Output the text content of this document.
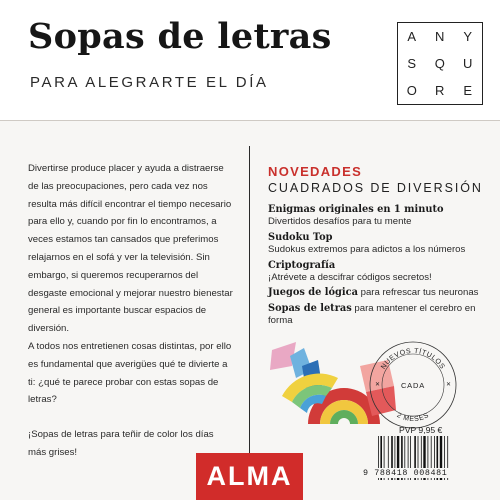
Sopas de letras
PARA ALEGRARTE EL DÍA
A	N	Y
S	Q	U
O	R	E

Divertirse produce placer y ayuda a distraerse de las preocupaciones, pero cada vez nos resulta más difícil encontrar el tiempo necesario para ello y, cuando por fin lo encontramos, a veces estamos tan cansados que preferimos relajarnos en el sofá y ver la televisión. Sin embargo, si queremos recuperarnos del desgaste emocional y mejorar nuestro bienestar general es importante buscar espacios de diversión.

A todos nos entretienen cosas distintas, por ello es fundamental que averigües qué te divierte a ti: ¿qué te parece probar con estas sopas de letras?

¡Sopas de letras para teñir de color los días más grises!

NOVEDADES
CUADRADOS DE DIVERSIÓN
Enigmas originales en 1 minuto
Divertidos desafíos para tu mente
Sudoku Top
Sudokus extremos para adictos a los números
Criptografía
¡Atrévete a descifrar códigos secretos!
Juegos de lógica para refrescar tus neuronas
Sopas de letras para mantener el cerebro en forma
NUEVOS TÍTULOS
CADA
2 MESES
✕	✕
PVP 9,95 €
9 788418 008481
ALMA
